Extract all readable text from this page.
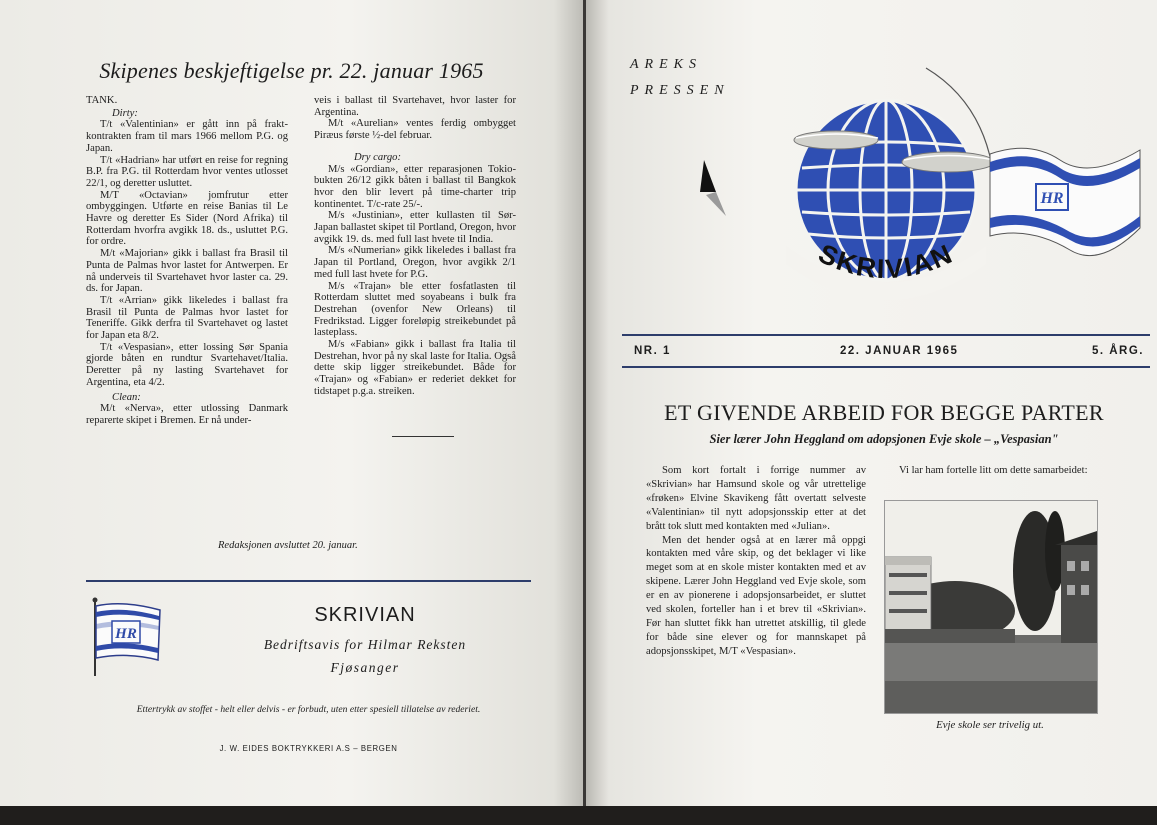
Skipenes beskjeftigelse pr. 22. januar 1965

TANK.

Dirty:

T/t «Valentinian» er gått inn på frakt-kontrakten fram til mars 1966 mellom P.G. og Japan.

T/t «Hadrian» har utført en reise for regning B.P. fra P.G. til Rotterdam hvor ventes utlosset 22/1, og deretter usluttet.

M/T «Octavian» jomfrutur etter ombyggingen. Utførte en reise Banias til Le Havre og deretter Es Sider (Nord Afrika) til Rotterdam hvorfra avgikk 18. ds., usluttet P.G. for ordre.

M/t «Majorian» gikk i ballast fra Brasil til Punta de Palmas hvor lastet for Antwerpen. Er nå underveis til Svartehavet hvor laster ca. 29. ds. for Japan.

T/t «Arrian» gikk likeledes i ballast fra Brasil til Punta de Palmas hvor lastet for Teneriffe. Gikk derfra til Svartehavet og lastet for Japan eta 8/2.

T/t «Vespasian», etter lossing Sør Spania gjorde båten en rundtur Svartehavet/Italia. Deretter på ny lasting Svartehavet for Argentina, eta 4/2.

Clean:

M/t «Nerva», etter utlossing Danmark reparerte skipet i Bremen. Er nå under-

veis i ballast til Svartehavet, hvor laster for Argentina.

M/t «Aurelian» ventes ferdig ombygget Piræus første ½-del februar.

Dry cargo:

M/s «Gordian», etter reparasjonen Tokio-bukten 26/12 gikk båten i ballast til Bangkok hvor den blir levert på time-charter trip kontinentet. T/c-rate 25/-.

M/s «Justinian», etter kullasten til Sør-Japan ballastet skipet til Portland, Oregon, hvor avgikk 19. ds. med full last hvete til India.

M/s «Numerian» gikk likeledes i ballast fra Japan til Portland, Oregon, hvor avgikk 2/1 med full last hvete for P.G.

M/s «Trajan» ble etter fosfatlasten til Rotterdam sluttet med soyabeans i bulk fra Destrehan (ovenfor New Orleans) til Fredrikstad. Ligger foreløpig streikebundet på lasteplass.

M/s «Fabian» gikk i ballast fra Italia til Destrehan, hvor på ny skal laste for Italia. Også dette skip ligger streikebundet. Både for «Trajan» og «Fabian» er rederiet dekket for tidstapet p.g.a. streiken.

Redaksjonen avsluttet 20. januar.
HR
SKRIVIAN
Bedriftsavis for Hilmar Reksten
Fjøsanger
Ettertrykk av stoffet - helt eller delvis - er forbudt, uten etter spesiell tillatelse av rederiet.
J. W. EIDES BOKTRYKKERI A.S – BERGEN
AREKS
PRESSEN
SKRIVIAN
HR
NR. 1	22. JANUAR 1965	5. ÅRG.
ET GIVENDE ARBEID FOR BEGGE PARTER
Sier lærer John Heggland om adopsjonen Evje skole – „Vespasian"

Som kort fortalt i forrige nummer av «Skrivian» har Hamsund skole og vår utrettelige «frøken» Elvine Skavikeng fått overtatt selveste «Valentinian» til nytt adopsjonsskip etter at det brått tok slutt med kontakten med «Julian».

Men det hender også at en lærer må oppgi kontakten med våre skip, og det beklager vi like meget som at en skole mister kontakten med et av skipene. Lærer John Heggland ved Evje skole, som er en av pionerene i adopsjonsarbeidet, er sluttet ved skolen, forteller han i et brev til «Skrivian». Før han sluttet fikk han utrettet atskillig, til glede for både sine elever og for mannskapet på adopsjonsskipet, M/T «Vespasian».

Vi lar ham fortelle litt om dette samarbeidet:

Evje skole ser trivelig ut.
